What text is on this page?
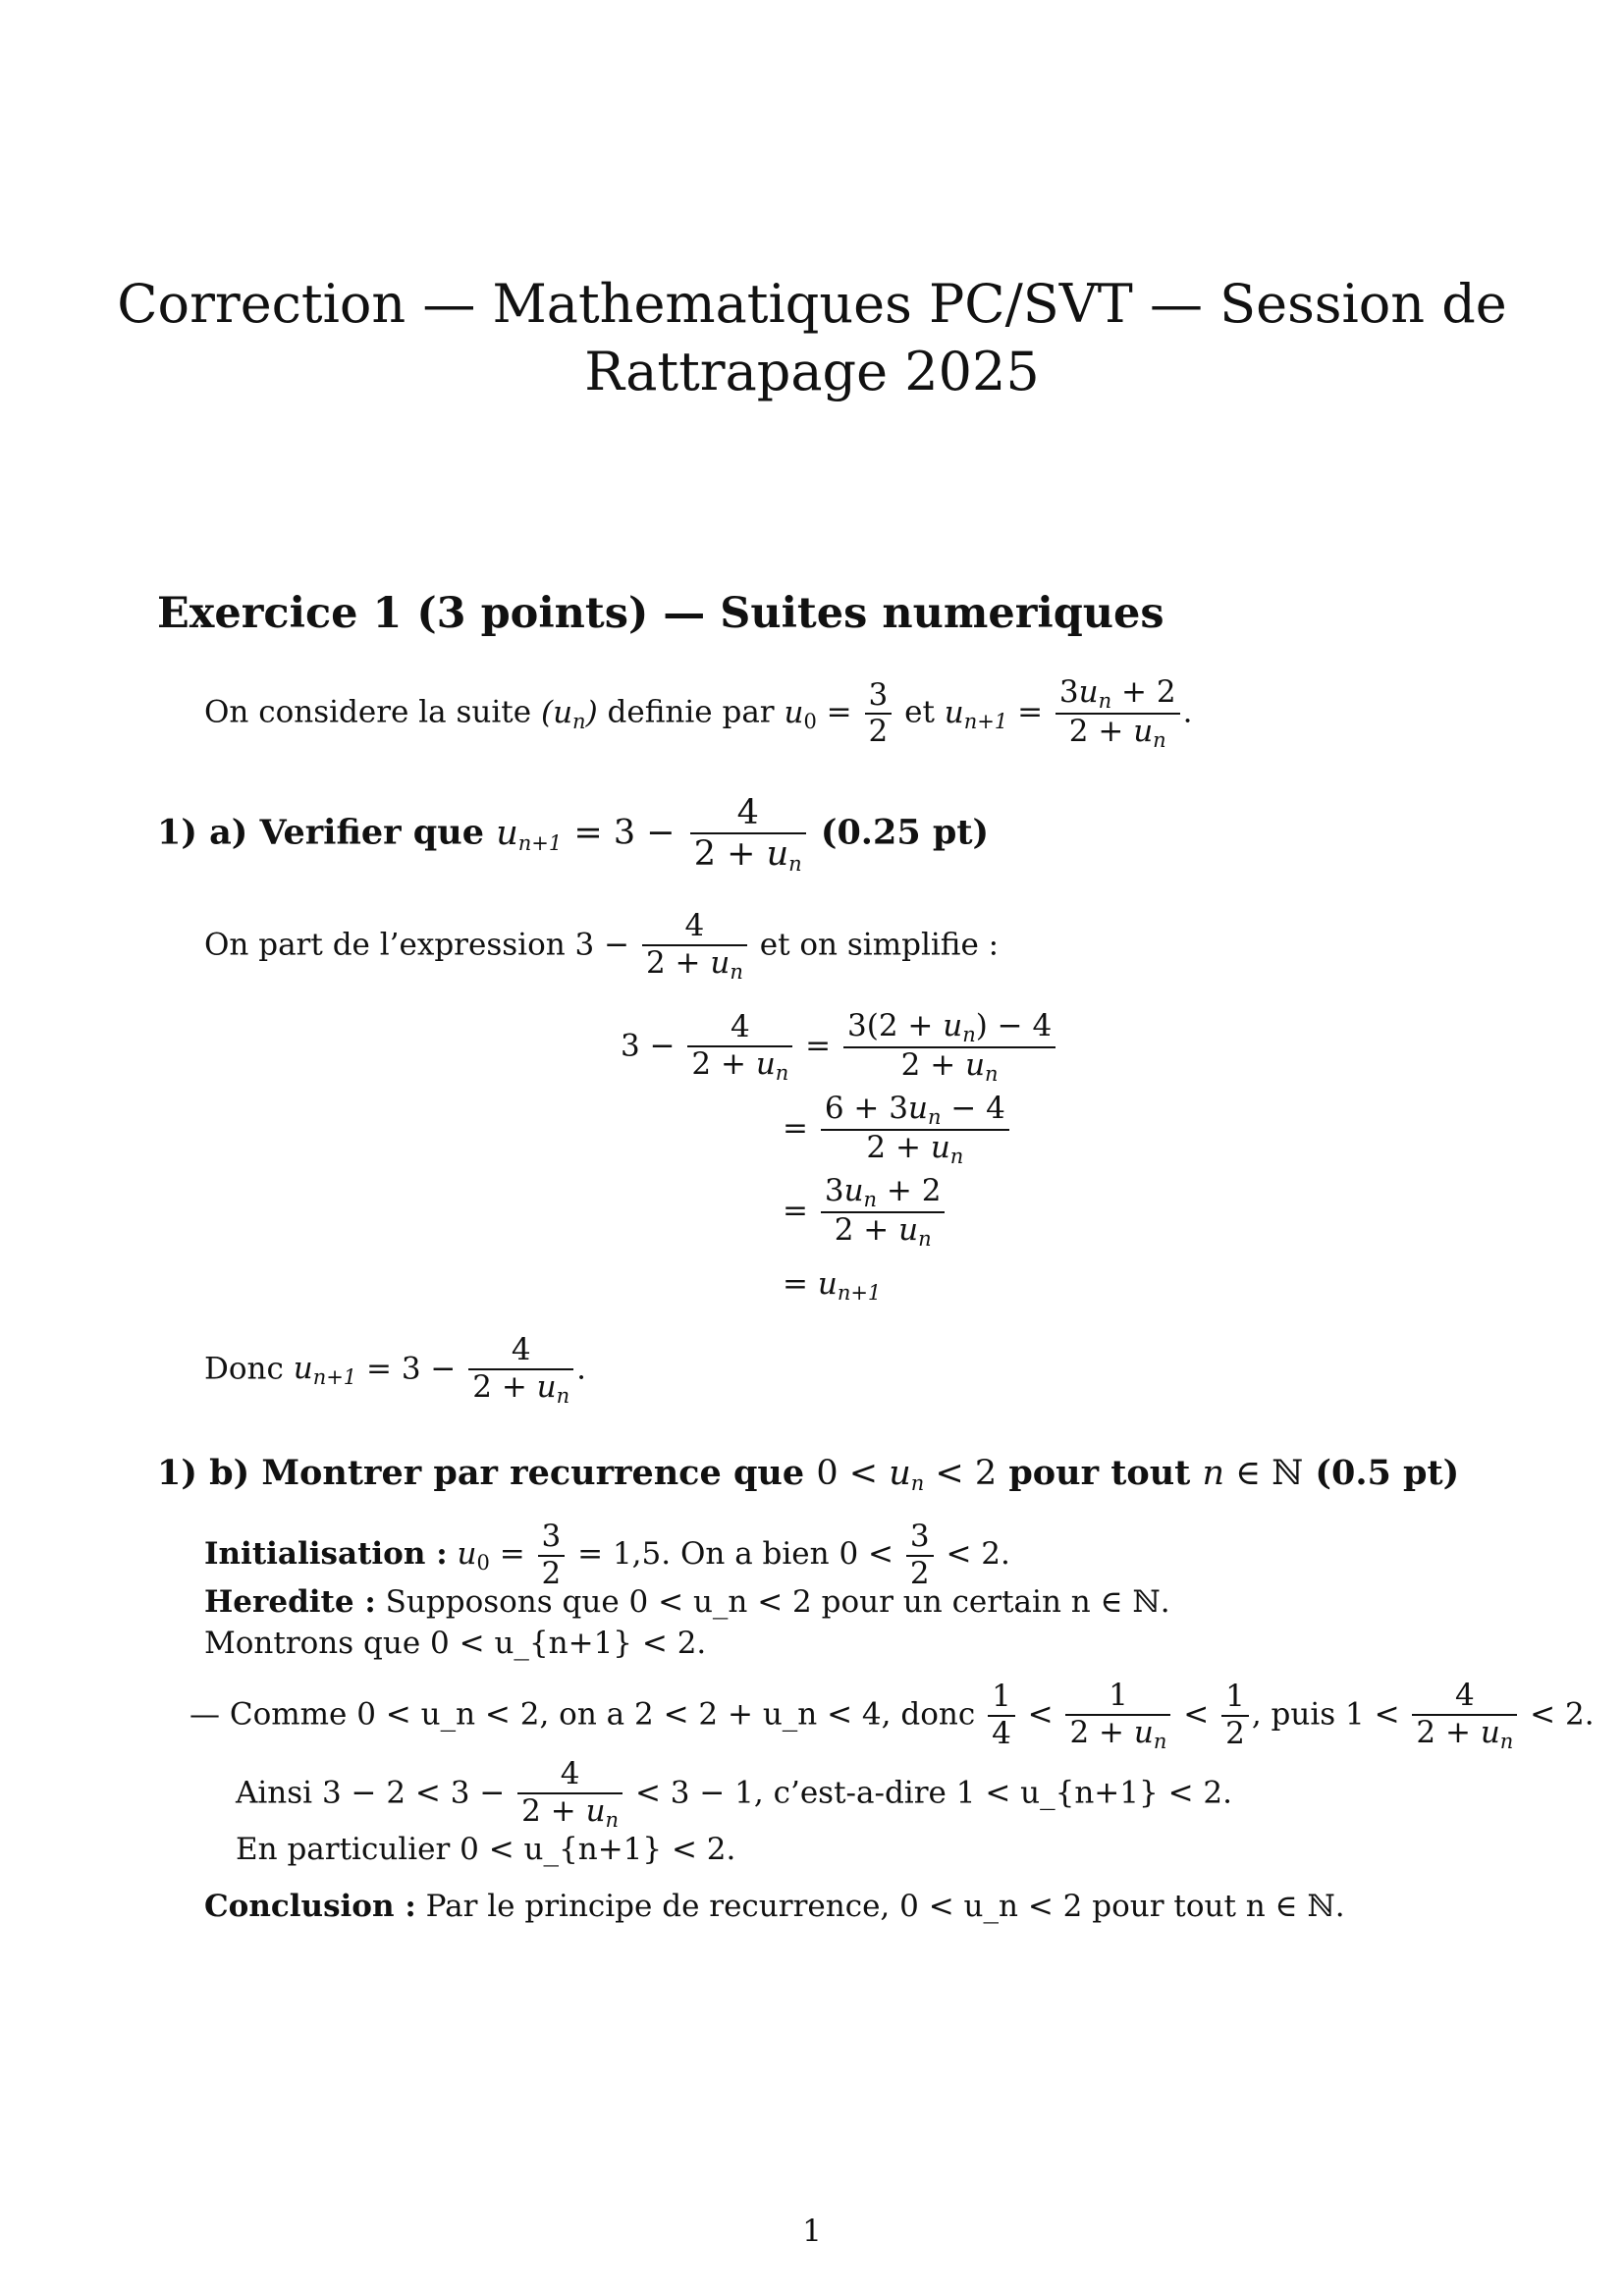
Correction — Mathematiques PC/SVT — Session de
Rattrapage 2025
Exercice 1 (3 points) — Suites numeriques
On considere la suite $(u_n)$ definie par $u_0 = \frac{3}{2}$ et $u_{n+1} = \frac{3u_n + 2}{2 + u_n}$ .
1) a) Verifier que $u_{n+1} = 3 - \frac{4}{2 + u_n} (0.25$ pt)
On part de l’expression $3 - \frac{4}{2 + u_n}$ et on simplifie :
$3 - \frac{4}{2 + u_n} = \frac{3(2 + u_n) - 4}{2 + u_n}$
= $\frac{6 + 3u_n - 4}{2 + u_n}$
= $\frac{3u_n + 2}{2 + u_n}$
= $u_{n+1}$
Donc $u_{n+1} = 3 - \frac{4}{2 + u_n}$ .
1) b) Montrer par recurrence que $0 < u_n < 2$ pour tout n ∈ ℕ (0.5 pt)
Initialisation : $u_0 = \frac{3}{2} = 1,5$. On a bien $0 < \frac{3}{2} < 2$.
Heredite : Supposons que 0 < u_n < 2 pour un certain n ∈ ℕ.
Montrons que 0 < u_{n+1} < 2.
— Comme 0 < u_n < 2, on a 2 < 2 + u_n < 4, donc $\frac{1}{4} < \frac{1}{2 + u_n} < \frac{1}{2}$ , puis $1 < \frac{4}{2 + u_n} < 2$.
Ainsi $3 - 2 < 3 - \frac{4}{2 + u_n} < 3 - 1$, c’est-a-dire 1 < u_{n+1} < 2.
En particulier 0 < u_{n+1} < 2.
Conclusion : Par le principe de recurrence, 0 < u_n < 2 pour tout n ∈ ℕ.
1
